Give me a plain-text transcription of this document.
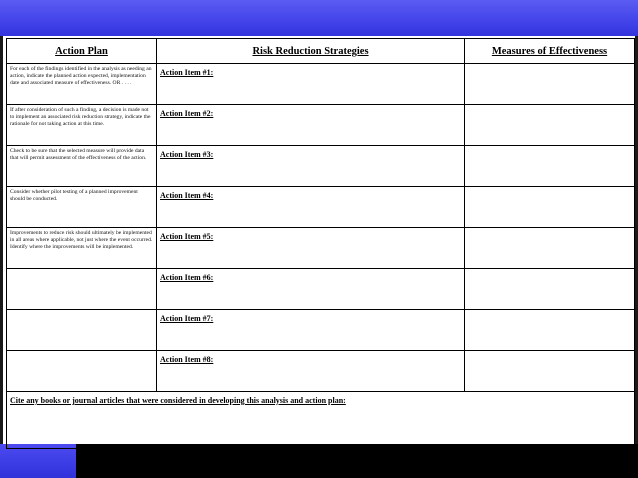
Action Plan	Risk Reduction Strategies	Measures of Effectiveness

For each of the findings identified in the analysis as needing an action, indicate the planned action expected, implementation date and associated measure of effectiveness. OR . . . .	Action Item #1:	

If after consideration of such a finding, a decision is made not to implement an associated risk reduction strategy, indicate the rationale for not taking action at this time.	Action Item #2:	

Check to be sure that the selected measure will provide data that will permit assessment of the effectiveness of the action.	Action Item #3:	

Consider whether pilot testing of a planned improvement should be conducted.	Action Item #4:	

Improvements to reduce risk should ultimately be implemented in all areas where applicable, not just where the event occurred. Identify where the improvements will be implemented.	Action Item #5:	

	Action Item #6:	

	Action Item #7:	

	Action Item #8:	

Cite any books or journal articles that were considered in developing this analysis and action plan:		
